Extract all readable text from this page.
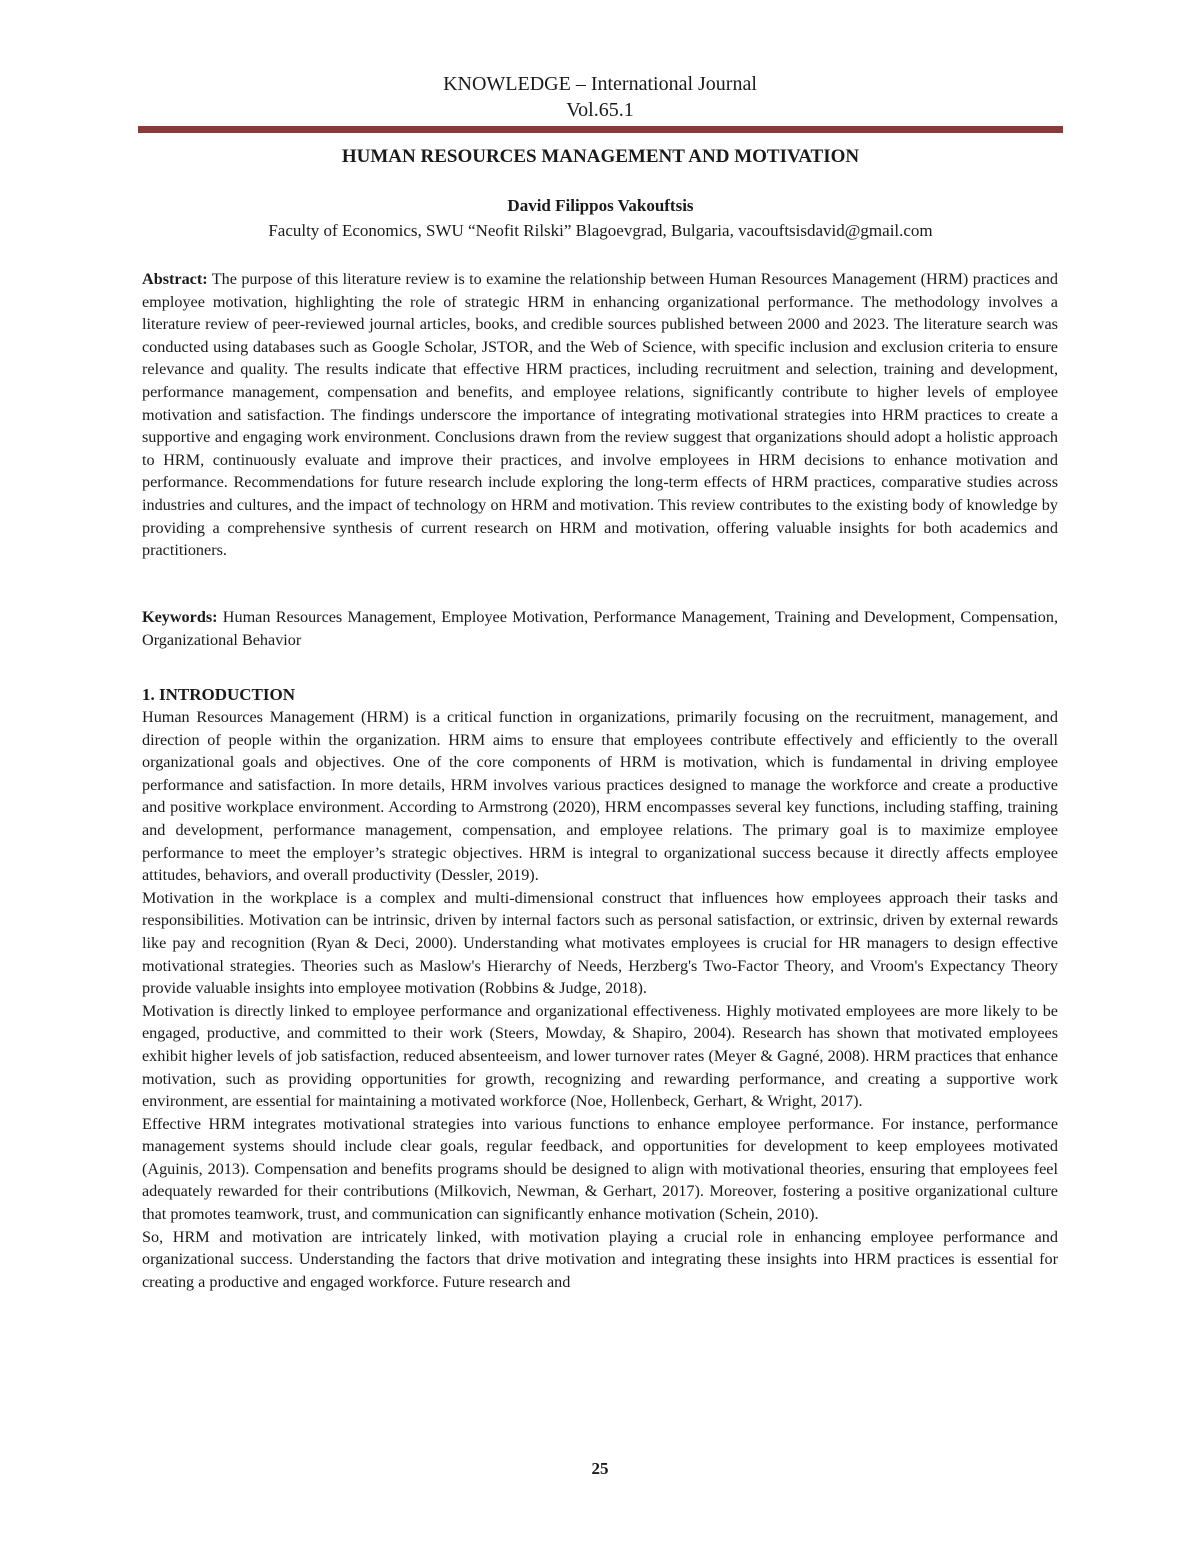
KNOWLEDGE – International Journal
Vol.65.1
HUMAN RESOURCES MANAGEMENT AND MOTIVATION
David Filippos Vakouftsis
Faculty of Economics, SWU “Neofit Rilski” Blagoevgrad, Bulgaria, vacouftsisdavid@gmail.com

Abstract: The purpose of this literature review is to examine the relationship between Human Resources Management (HRM) practices and employee motivation, highlighting the role of strategic HRM in enhancing organizational performance. The methodology involves a literature review of peer-reviewed journal articles, books, and credible sources published between 2000 and 2023. The literature search was conducted using databases such as Google Scholar, JSTOR, and the Web of Science, with specific inclusion and exclusion criteria to ensure relevance and quality. The results indicate that effective HRM practices, including recruitment and selection, training and development, performance management, compensation and benefits, and employee relations, significantly contribute to higher levels of employee motivation and satisfaction. The findings underscore the importance of integrating motivational strategies into HRM practices to create a supportive and engaging work environment. Conclusions drawn from the review suggest that organizations should adopt a holistic approach to HRM, continuously evaluate and improve their practices, and involve employees in HRM decisions to enhance motivation and performance. Recommendations for future research include exploring the long-term effects of HRM practices, comparative studies across industries and cultures, and the impact of technology on HRM and motivation. This review contributes to the existing body of knowledge by providing a comprehensive synthesis of current research on HRM and motivation, offering valuable insights for both academics and practitioners.

Keywords: Human Resources Management, Employee Motivation, Performance Management, Training and Development, Compensation, Organizational Behavior

1. INTRODUCTION

Human Resources Management (HRM) is a critical function in organizations, primarily focusing on the recruitment, management, and direction of people within the organization. HRM aims to ensure that employees contribute effectively and efficiently to the overall organizational goals and objectives. One of the core components of HRM is motivation, which is fundamental in driving employee performance and satisfaction. In more details, HRM involves various practices designed to manage the workforce and create a productive and positive workplace environment. According to Armstrong (2020), HRM encompasses several key functions, including staffing, training and development, performance management, compensation, and employee relations. The primary goal is to maximize employee performance to meet the employer’s strategic objectives. HRM is integral to organizational success because it directly affects employee attitudes, behaviors, and overall productivity (Dessler, 2019).

Motivation in the workplace is a complex and multi-dimensional construct that influences how employees approach their tasks and responsibilities. Motivation can be intrinsic, driven by internal factors such as personal satisfaction, or extrinsic, driven by external rewards like pay and recognition (Ryan & Deci, 2000). Understanding what motivates employees is crucial for HR managers to design effective motivational strategies. Theories such as Maslow's Hierarchy of Needs, Herzberg's Two-Factor Theory, and Vroom's Expectancy Theory provide valuable insights into employee motivation (Robbins & Judge, 2018).

Motivation is directly linked to employee performance and organizational effectiveness. Highly motivated employees are more likely to be engaged, productive, and committed to their work (Steers, Mowday, & Shapiro, 2004). Research has shown that motivated employees exhibit higher levels of job satisfaction, reduced absenteeism, and lower turnover rates (Meyer & Gagné, 2008). HRM practices that enhance motivation, such as providing opportunities for growth, recognizing and rewarding performance, and creating a supportive work environment, are essential for maintaining a motivated workforce (Noe, Hollenbeck, Gerhart, & Wright, 2017).

Effective HRM integrates motivational strategies into various functions to enhance employee performance. For instance, performance management systems should include clear goals, regular feedback, and opportunities for development to keep employees motivated (Aguinis, 2013). Compensation and benefits programs should be designed to align with motivational theories, ensuring that employees feel adequately rewarded for their contributions (Milkovich, Newman, & Gerhart, 2017). Moreover, fostering a positive organizational culture that promotes teamwork, trust, and communication can significantly enhance motivation (Schein, 2010).

So, HRM and motivation are intricately linked, with motivation playing a crucial role in enhancing employee performance and organizational success. Understanding the factors that drive motivation and integrating these insights into HRM practices is essential for creating a productive and engaged workforce. Future research and

25
